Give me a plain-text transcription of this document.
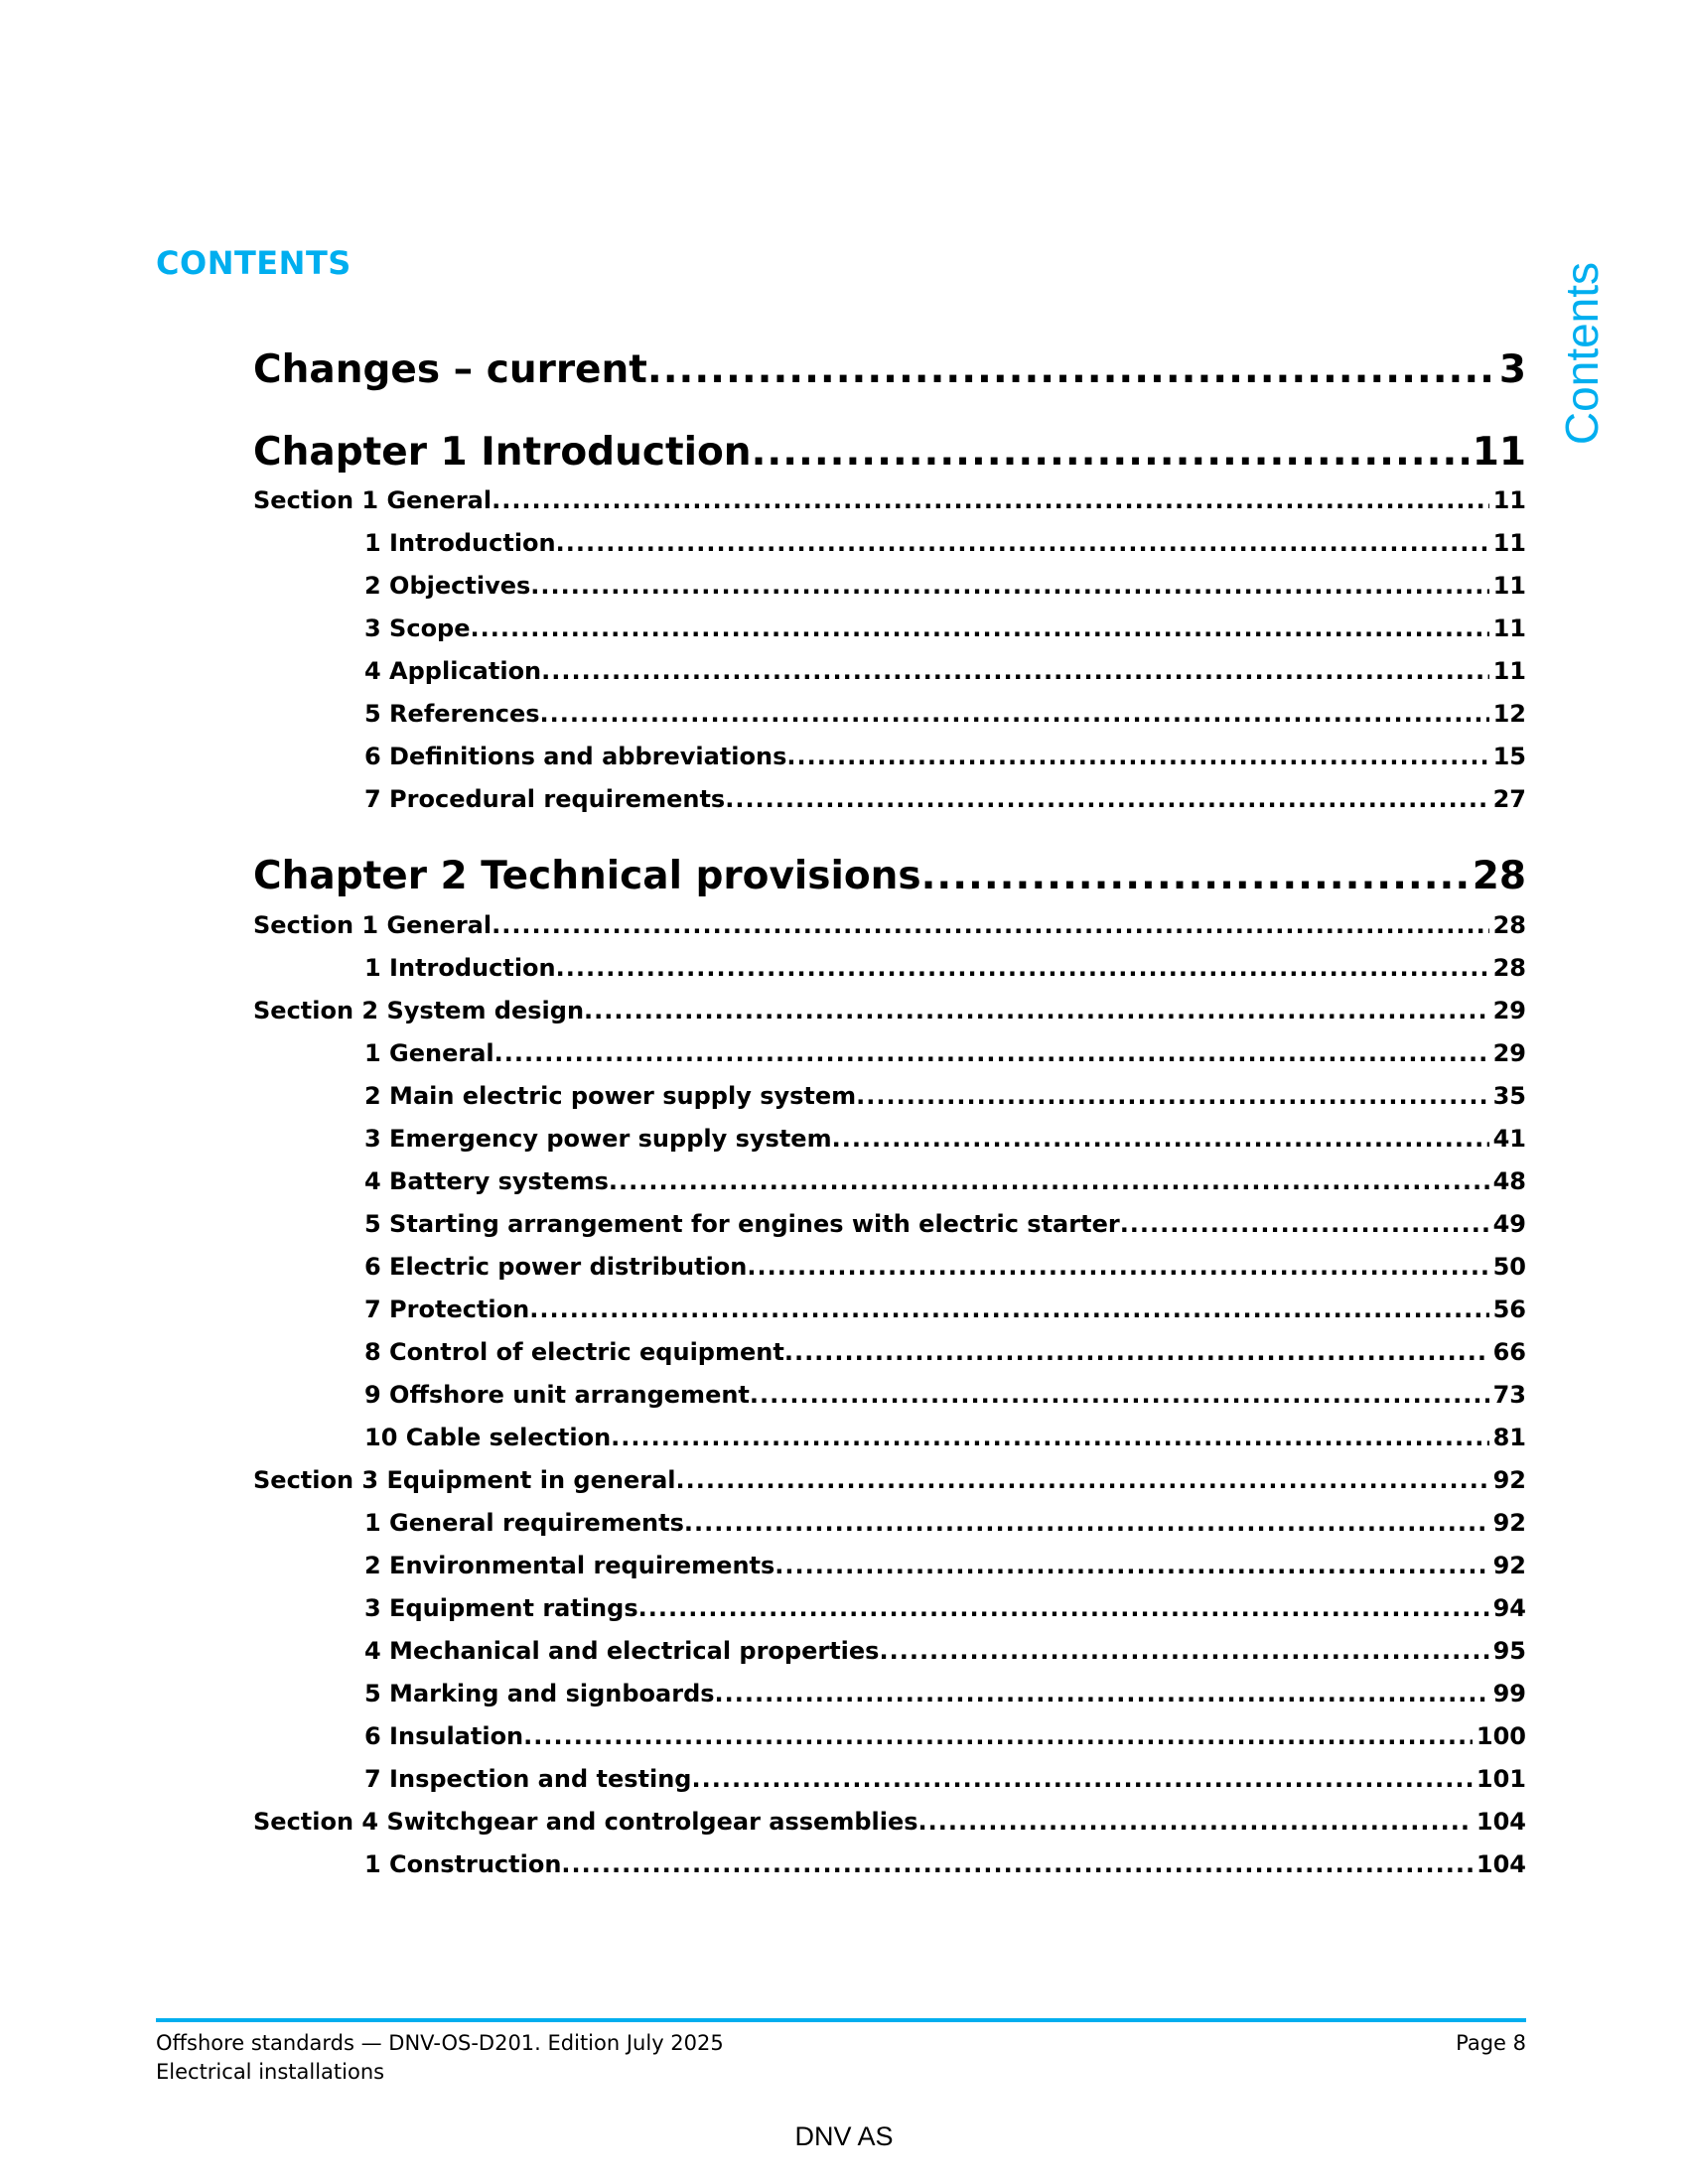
CONTENTS	Contents
Changes – current .....	3
Chapter 1 Introduction .....	11
Section 1 General .....	11
1 Introduction .....	11
2 Objectives .....	11
3 Scope .....	11
4 Application .....	11
5 References .....	12
6 Definitions and abbreviations .....	15
7 Procedural requirements .....	27
Chapter 2 Technical provisions .....	28
Section 1 General .....	28
1 Introduction .....	28
Section 2 System design .....	29
1 General .....	29
2 Main electric power supply system .....	35
3 Emergency power supply system .....	41
4 Battery systems .....	48
5 Starting arrangement for engines with electric starter .....	49
6 Electric power distribution .....	50
7 Protection .....	56
8 Control of electric equipment .....	66
9 Offshore unit arrangement .....	73
10 Cable selection .....	81
Section 3 Equipment in general .....	92
1 General requirements .....	92
2 Environmental requirements .....	92
3 Equipment ratings .....	94
4 Mechanical and electrical properties .....	95
5 Marking and signboards .....	99
6 Insulation .....	100
7 Inspection and testing .....	101
Section 4 Switchgear and controlgear assemblies .....	104
1 Construction .....	104
Offshore standards — DNV-OS-D201. Edition July 2025
Electrical installations
Page 8
DNV AS
